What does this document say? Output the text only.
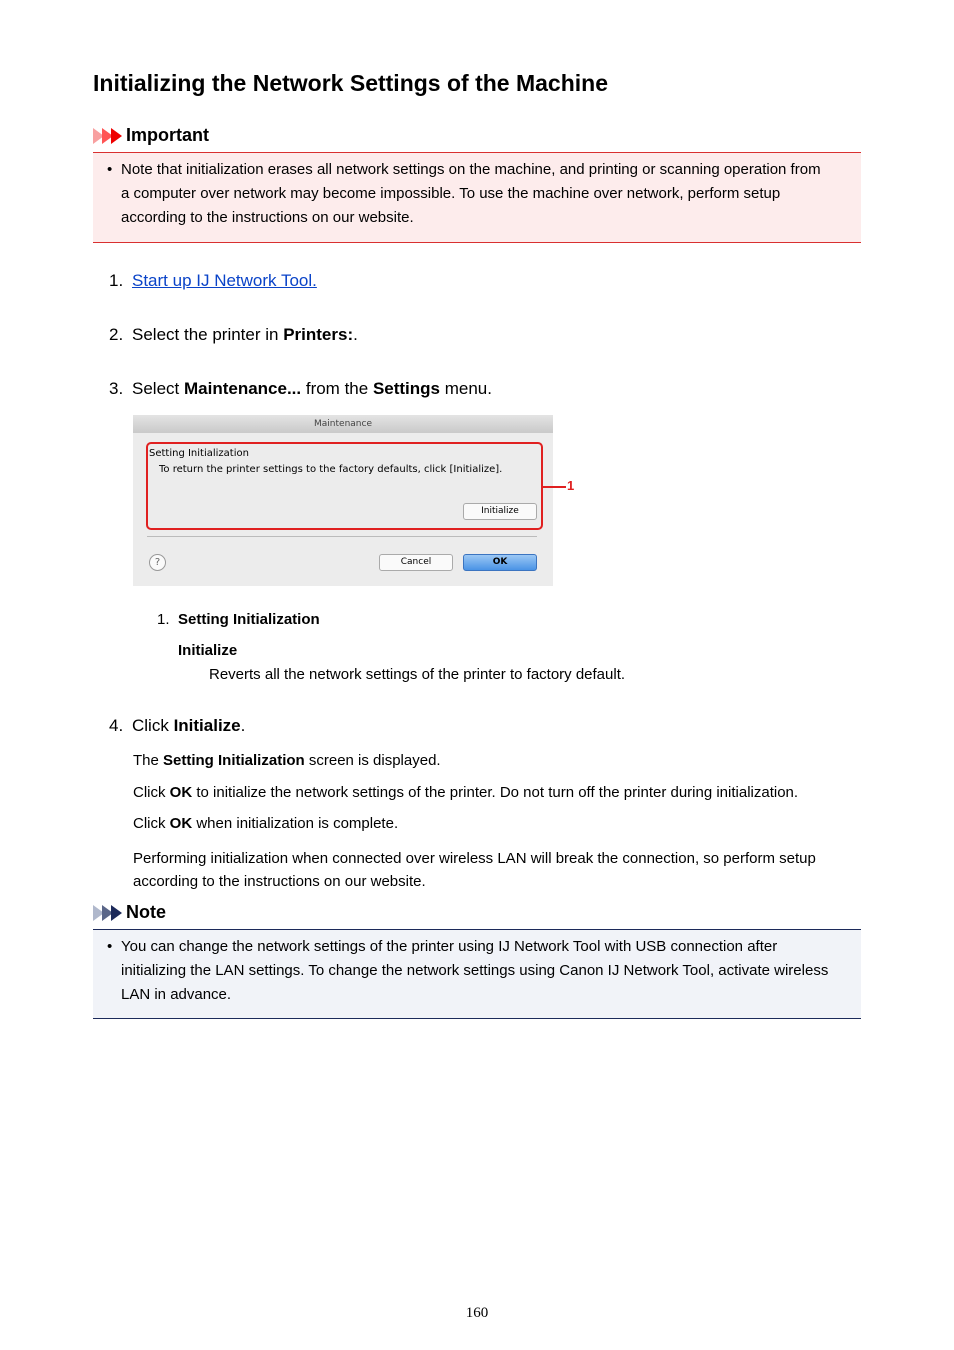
Initializing the Network Settings of the Machine
Important
• Note that initialization erases all network settings on the machine, and printing or scanning operation from a computer over network may become impossible. To use the machine over network, perform setup according to the instructions on our website.
1. Start up IJ Network Tool.
2. Select the printer in Printers:.
3. Select Maintenance... from the Settings menu.
Maintenance
Setting Initialization
To return the printer settings to the factory defaults, click [Initialize].
Initialize
?	Cancel	OK
1
1. Setting Initialization
Initialize
Reverts all the network settings of the printer to factory default.
4. Click Initialize.
The Setting Initialization screen is displayed.
Click OK to initialize the network settings of the printer. Do not turn off the printer during initialization.
Click OK when initialization is complete.
Performing initialization when connected over wireless LAN will break the connection, so perform setup according to the instructions on our website.
Note
• You can change the network settings of the printer using IJ Network Tool with USB connection after initializing the LAN settings. To change the network settings using Canon IJ Network Tool, activate wireless LAN in advance.
160
